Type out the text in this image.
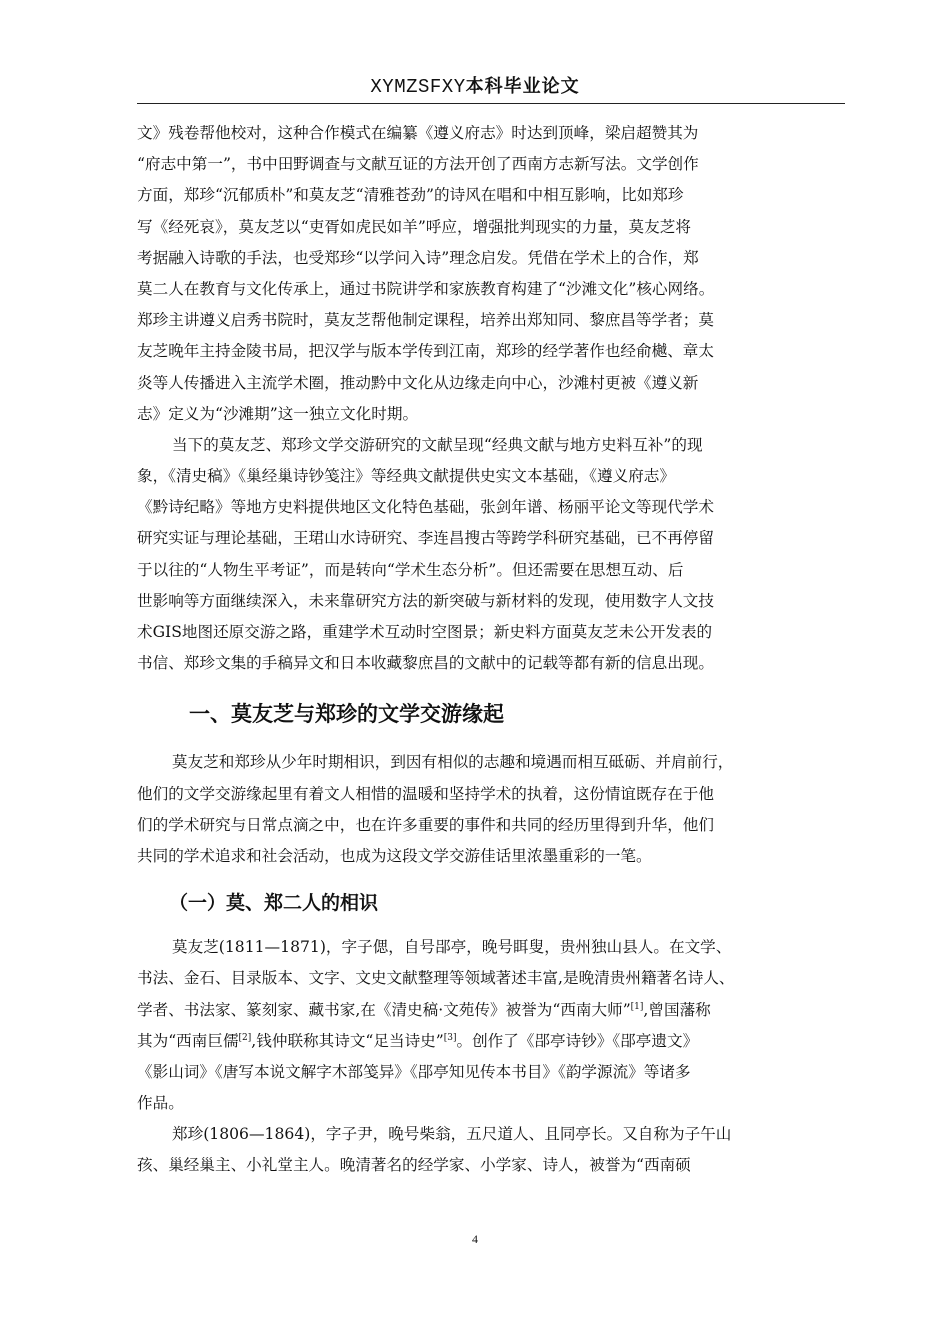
XYMZSFXY本科毕业论文
文》残卷帮他校对，这种合作模式在编纂《遵义府志》时达到顶峰，梁启超赞其为
“府志中第一”，书中田野调查与文献互证的方法开创了西南方志新写法。文学创作
方面，郑珍“沉郁质朴”和莫友芝“清雅苍劲”的诗风在唱和中相互影响，比如郑珍
写《经死哀》，莫友芝以“吏胥如虎民如羊”呼应，增强批判现实的力量，莫友芝将
考据融入诗歌的手法，也受郑珍“以学问入诗”理念启发。凭借在学术上的合作，郑
莫二人在教育与文化传承上，通过书院讲学和家族教育构建了“沙滩文化”核心网络。
郑珍主讲遵义启秀书院时，莫友芝帮他制定课程，培养出郑知同、黎庶昌等学者；莫
友芝晚年主持金陵书局，把汉学与版本学传到江南，郑珍的经学著作也经俞樾、章太
炎等人传播进入主流学术圈，推动黔中文化从边缘走向中心，沙滩村更被《遵义新
志》定义为“沙滩期”这一独立文化时期。
当下的莫友芝、郑珍文学交游研究的文献呈现“经典文献与地方史料互补”的现
象，《清史稿》《巢经巢诗钞笺注》等经典文献提供史实文本基础，《遵义府志》
《黔诗纪略》等地方史料提供地区文化特色基础，张剑年谱、杨丽平论文等现代学术
研究实证与理论基础，王珺山水诗研究、李连昌搜古等跨学科研究基础，已不再停留
于以往的“人物生平考证”，而是转向“学术生态分析”。但还需要在思想互动、后
世影响等方面继续深入，未来靠研究方法的新突破与新材料的发现，使用数字人文技
术GIS地图还原交游之路，重建学术互动时空图景；新史料方面莫友芝未公开发表的
书信、郑珍文集的手稿异文和日本收藏黎庶昌的文献中的记载等都有新的信息出现。
一、莫友芝与郑珍的文学交游缘起
莫友芝和郑珍从少年时期相识，到因有相似的志趣和境遇而相互砥砺、并肩前行，
他们的文学交游缘起里有着文人相惜的温暖和坚持学术的执着，这份情谊既存在于他
们的学术研究与日常点滴之中，也在许多重要的事件和共同的经历里得到升华，他们
共同的学术追求和社会活动，也成为这段文学交游佳话里浓墨重彩的一笔。
（一）莫、郑二人的相识
莫友芝(1811—1871)，字子偲，自号郘亭，晚号眲叟，贵州独山县人。在文学、
书法、金石、目录版本、文字、文史文献整理等领域著述丰富,是晚清贵州籍著名诗人、
学者、书法家、篆刻家、藏书家,在《清史稿·文苑传》被誉为“西南大师”[1],曾国藩称
其为“西南巨儒[2],钱仲联称其诗文“足当诗史”[3]。创作了《郘亭诗钞》《郘亭遗文》
《影山词》《唐写本说文解字木部笺异》《郘亭知见传本书目》《韵学源流》等诸多
作品。
郑珍(1806—1864)，字子尹，晚号柴翁，五尺道人、且同亭长。又自称为子午山
孩、巢经巢主、小礼堂主人。晚清著名的经学家、小学家、诗人，被誉为“西南硕
4
